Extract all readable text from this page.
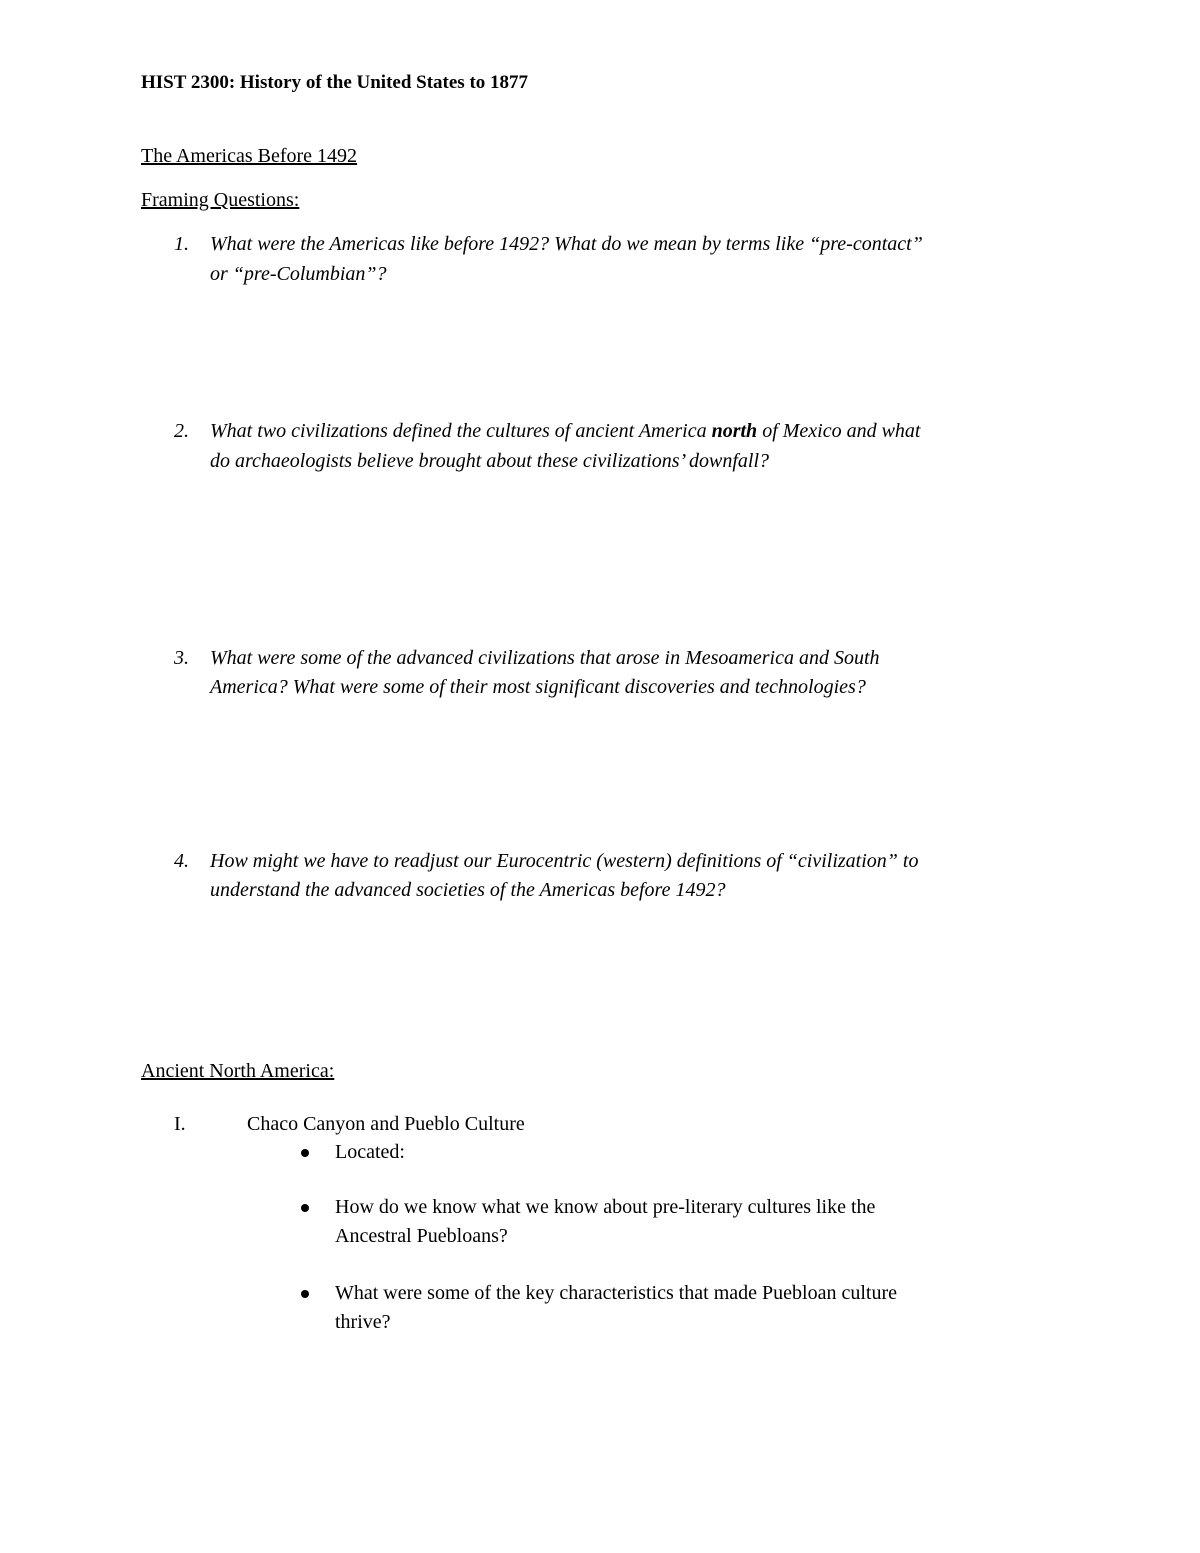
HIST 2300: History of the United States to 1877
The Americas Before 1492
Framing Questions:
1. What were the Americas like before 1492? What do we mean by terms like “pre-contact”
or “pre-Columbian”?
2. What two civilizations defined the cultures of ancient America north of Mexico and what
do archaeologists believe brought about these civilizations’ downfall?
3. What were some of the advanced civilizations that arose in Mesoamerica and South
America? What were some of their most significant discoveries and technologies?
4. How might we have to readjust our Eurocentric (western) definitions of “civilization” to
understand the advanced societies of the Americas before 1492?
Ancient North America:
I.	Chaco Canyon and Pueblo Culture
Located:
How do we know what we know about pre-literary cultures like the
Ancestral Puebloans?
What were some of the key characteristics that made Puebloan culture
thrive?
